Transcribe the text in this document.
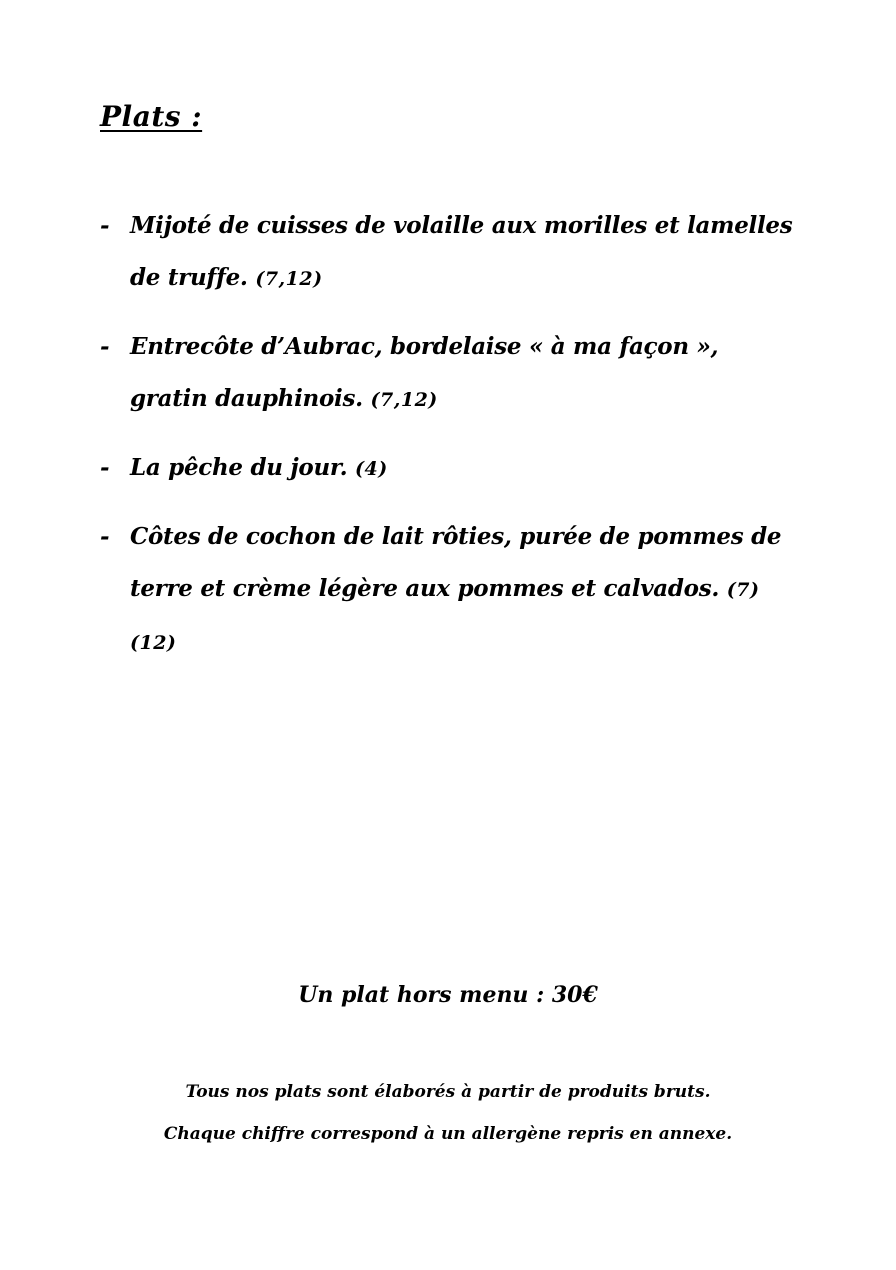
Plats :
- Mijoté de cuisses de volaille aux morilles et lamelles de truffe. (7,12)
- Entrecôte d’Aubrac, bordelaise « à ma façon », gratin dauphinois. (7,12)
- La pêche du jour. (4)
- Côtes de cochon de lait rôties, purée de pommes de terre et crème légère aux pommes et calvados. (7)(12)

Un plat hors menu : 30€

Tous nos plats sont élaborés à partir de produits bruts.

Chaque chiffre correspond à un allergène repris en annexe.
